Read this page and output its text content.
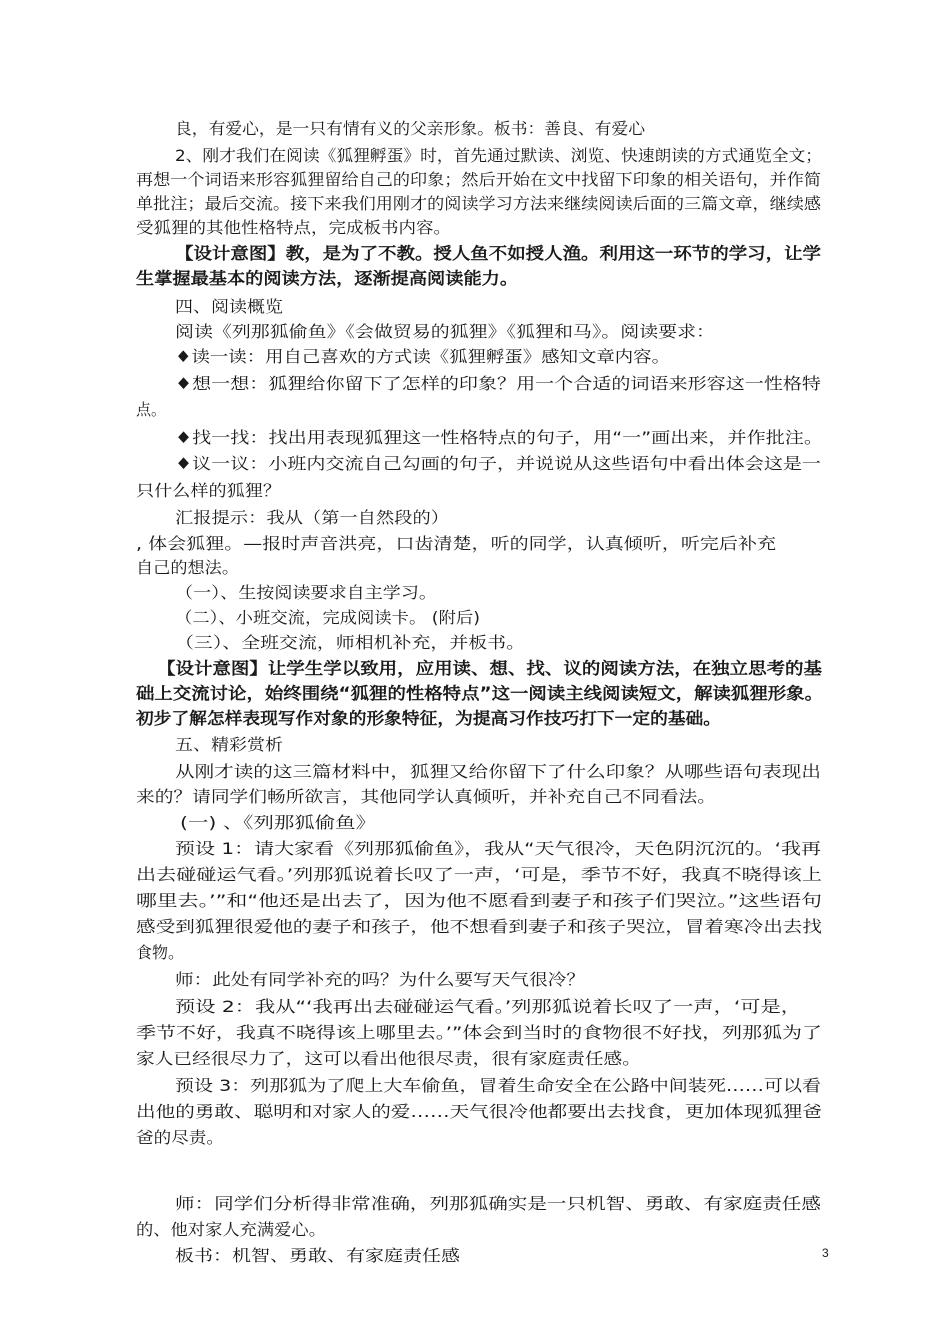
3
良，有爱心，是一只有情有义的父亲形象。板书：善良、有爱心
2、刚才我们在阅读《狐狸孵蛋》时，首先通过默读、浏览、快速朗读的方式通览全文；
再想一个词语来形容狐狸留给自己的印象；然后开始在文中找留下印象的相关语句，并作简
单批注；最后交流。接下来我们用刚才的阅读学习方法来继续阅读后面的三篇文章，继续感
受狐狸的其他性格特点，完成板书内容。
【设计意图】教，是为了不教。授人鱼不如授人渔。利用这一环节的学习，让学
生掌握最基本的阅读方法，逐渐提高阅读能力。
四、阅读概览
阅读《列那狐偷鱼》《会做贸易的狐狸》《狐狸和马》。阅读要求：
♦读一读：用自己喜欢的方式读《狐狸孵蛋》感知文章内容。
♦想一想：狐狸给你留下了怎样的印象？用一个合适的词语来形容这一性格特
点。
♦找一找：找出用表现狐狸这一性格特点的句子，用“一”画出来，并作批注。
♦议一议：小班内交流自己勾画的句子，并说说从这些语句中看出体会这是一
只什么样的狐狸？
汇报提示：我从（第一自然段的）
, 体会狐狸。—报时声音洪亮，口齿清楚，听的同学，认真倾听，听完后补充
自己的想法。
（一）、生按阅读要求自主学习。
（二）、小班交流，完成阅读卡。 (附后)
（三）、全班交流，师相机补充，并板书。
【设计意图】让学生学以致用，应用读、想、找、议的阅读方法，在独立思考的基
础上交流讨论，始终围绕“狐狸的性格特点”这一阅读主线阅读短文，解读狐狸形象。
初步了解怎样表现写作对象的形象特征，为提高习作技巧打下一定的基础。
五、精彩赏析
从刚才读的这三篇材料中，狐狸又给你留下了什么印象？从哪些语句表现出
来的？请同学们畅所欲言，其他同学认真倾听，并补充自己不同看法。
(一) 、《列那狐偷鱼》
预设 1：请大家看《列那狐偷鱼》，我从“天气很冷，天色阴沉沉的。‘我再
出去碰碰运气看。’列那狐说着长叹了一声，‘可是，季节不好，我真不晓得该上
哪里去。’”和“他还是出去了，因为他不愿看到妻子和孩子们哭泣。”这些语句
感受到狐狸很爱他的妻子和孩子，他不想看到妻子和孩子哭泣，冒着寒冷出去找
食物。
师：此处有同学补充的吗？为什么要写天气很冷？
预设 2：我从“‘我再出去碰碰运气看。’列那狐说着长叹了一声，‘可是，
季节不好，我真不晓得该上哪里去。’”体会到当时的食物很不好找，列那狐为了
家人已经很尽力了，这可以看出他很尽责，很有家庭责任感。
预设 3：列那狐为了爬上大车偷鱼，冒着生命安全在公路中间装死……可以看
出他的勇敢、聪明和对家人的爱……天气很冷他都要出去找食，更加体现狐狸爸
爸的尽责。
师：同学们分析得非常准确，列那狐确实是一只机智、勇敢、有家庭责任感
的、他对家人充满爱心。
板书：机智、勇敢、有家庭责任感
